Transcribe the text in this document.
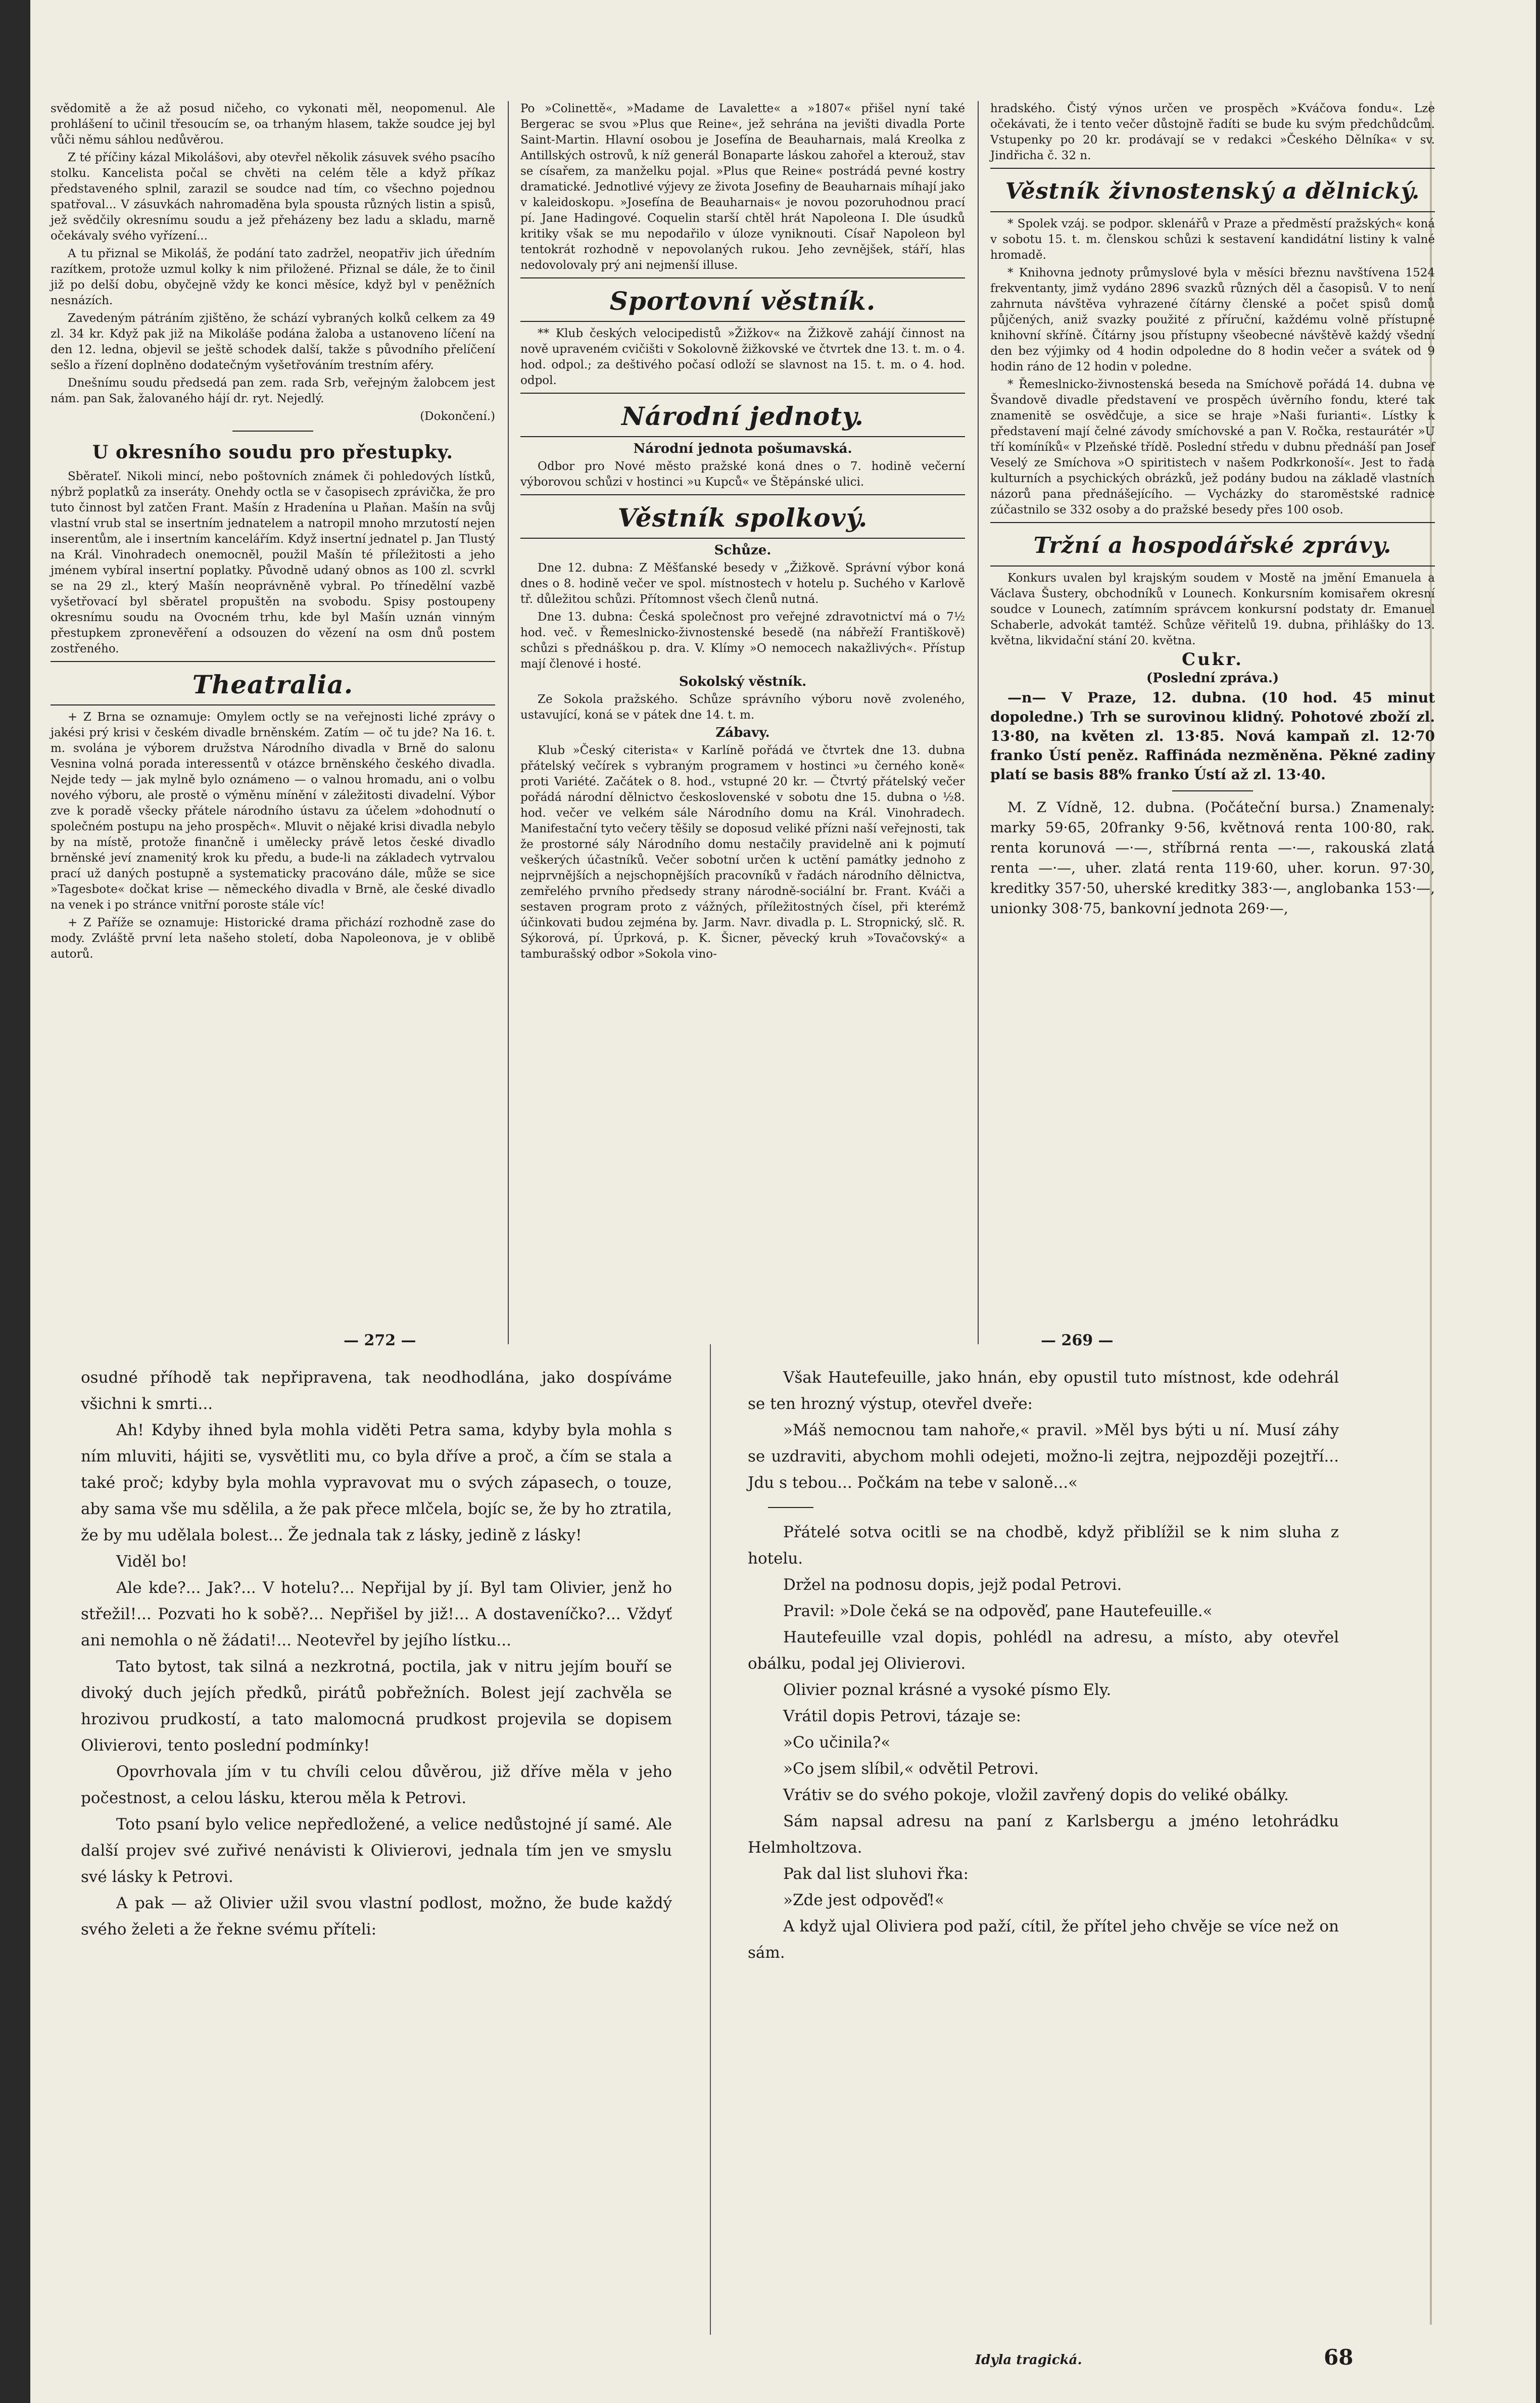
svědomitě a že až posud ničeho, co vykonati měl, neopomenul. Ale prohlášení to učinil třesoucím se, oa trhaným hlasem, takže soudce jej byl vůči němu sáhlou nedůvěrou.

Z té příčiny kázal Mikolášovi, aby otevřel několik zásuvek svého psacího stolku. Kancelista počal se chvěti na celém těle a když příkaz představeného splnil, zarazil se soudce nad tím, co všechno pojednou spatřoval... V zásuvkách nahromaděna byla spousta různých listin a spisů, jež svědčily okresnímu soudu a jež přeházeny bez ladu a skladu, marně očekávaly svého vyřízení...

A tu přiznal se Mikoláš, že podání tato zadržel, neopatřiv jich úředním razítkem, protože uzmul kolky k nim přiložené. Přiznal se dále, že to činil již po delší dobu, obyčejně vždy ke konci měsíce, když byl v peněžních nesnázích.

Zavedeným pátráním zjištěno, že schází vybraných kolků celkem za 49 zl. 34 kr. Když pak již na Mikoláše podána žaloba a ustanoveno líčení na den 12. ledna, objevil se ještě schodek další, takže s původního přelíčení sešlo a řízení doplněno dodatečným vyšetřováním trestním aféry.

Dnešnímu soudu předsedá pan zem. rada Srb, veřejným žalobcem jest nám. pan Sak, žalovaného hájí dr. ryt. Nejedlý.

(Dokončení.)
U okresního soudu pro přestupky.

Sběrateľ. Nikoli mincí, nebo poštovních známek či pohledových lístků, nýbrž poplatků za inseráty. Onehdy octla se v časopisech zprávička, že pro tuto činnost byl zatčen Frant. Mašín z Hradenína u Plaňan. Mašín na svůj vlastní vrub stal se insertním jednatelem a natropil mnoho mrzutostí nejen inserentům, ale i insertním kancelářím. Když insertní jednatel p. Jan Tlustý na Král. Vinohradech onemocněl, použil Mašín té příležitosti a jeho jménem vybíral insertní poplatky. Původně udaný obnos as 100 zl. scvrkl se na 29 zl., který Mašín neoprávněně vybral. Po třínedělní vazbě vyšetřovací byl sběratel propuštěn na svobodu. Spisy postoupeny okresnímu soudu na Ovocném trhu, kde byl Mašín uznán vinným přestupkem zpronevěření a odsouzen do vězení na osm dnů postem zostřeného.

Theatralia.

+ Z Brna se oznamuje: Omylem octly se na veřejnosti liché zprávy o jakési prý krisi v českém divadle brněnském. Zatím — oč tu jde? Na 16. t. m. svolána je výborem družstva Národního divadla v Brně do salonu Vesnina volná porada interessentů v otázce brněnského českého divadla. Nejde tedy — jak mylně bylo oznámeno — o valnou hromadu, ani o volbu nového výboru, ale prostě o výměnu mínění v záležitosti divadelní. Výbor zve k poradě všecky přátele národního ústavu za účelem »dohodnutí o společném postupu na jeho prospěch«. Mluvit o nějaké krisi divadla nebylo by na místě, protože finančně i umělecky právě letos české divadlo brněnské jeví znamenitý krok ku předu, a bude-li na základech vytrvalou prací už daných postupně a systematicky pracováno dále, může se sice »Tagesbote« dočkat krise — německého divadla v Brně, ale české divadlo na venek i po stránce vnitřní poroste stále víc!

+ Z Paříže se oznamuje: Historické drama přichází rozhodně zase do mody. Zvláště první leta našeho století, doba Napoleonova, je v oblibě autorů.

Po »Colinettě«, »Madame de Lavalette« a »1807« přišel nyní také Bergerac se svou »Plus que Reine«, jež sehrána na jevišti divadla Porte Saint-Martin. Hlavní osobou je Josefína de Beauharnais, malá Kreolka z Antillských ostrovů, k níž generál Bonaparte láskou zahořel a kterouž, stav se císařem, za manželku pojal. »Plus que Reine« postrádá pevné kostry dramatické. Jednotlivé výjevy ze života Josefiny de Beauharnais míhají jako v kaleidoskopu. »Josefína de Beauharnais« je novou pozoruhodnou prací pí. Jane Hadingové. Coquelin starší chtěl hrát Napoleona I. Dle úsudků kritiky však se mu nepodařilo v úloze vyniknouti. Císař Napoleon byl tentokrát rozhodně v nepovolaných rukou. Jeho zevnějšek, stáří, hlas nedovolovaly prý ani nejmenší illuse.

Sportovní věstník.

** Klub českých velocipedistů »Žižkov« na Žižkově zahájí činnost na nově upraveném cvičišti v Sokolovně žižkovské ve čtvrtek dne 13. t. m. o 4. hod. odpol.; za deštivého počasí odloží se slavnost na 15. t. m. o 4. hod. odpol.

Národní jednoty.
Národní jednota pošumavská.

Odbor pro Nové město pražské koná dnes o 7. hodině večerní výborovou schůzi v hostinci »u Kupců« ve Štěpánské ulici.

Věstník spolkový.
Schůze.

Dne 12. dubna: Z Měšťanské besedy v „Žižkově. Správní výbor koná dnes o 8. hodině večer ve spol. místnostech v hotelu p. Suchého v Karlově tř. důležitou schůzi. Přítomnost všech členů nutná.

Dne 13. dubna: Česká společnost pro veřejné zdravotnictví má o 7½ hod. več. v Řemeslnicko-živnostenské besedě (na nábřeží Františkově) schůzi s přednáškou p. dra. V. Klímy »O nemocech nakažlivých«. Přístup mají členové i hosté.

Sokolský věstník.

Ze Sokola pražského. Schůze správního výboru nově zvoleného, ustavující, koná se v pátek dne 14. t. m.

Zábavy.

Klub »Český citerista« v Karlíně pořádá ve čtvrtek dne 13. dubna přátelský večírek s vybraným programem v hostinci »u černého koně« proti Variété. Začátek o 8. hod., vstupné 20 kr. — Čtvrtý přátelský večer pořádá národní dělnictvo československé v sobotu dne 15. dubna o ½8. hod. večer ve velkém sále Národního domu na Král. Vinohradech. Manifestační tyto večery těšily se doposud veliké přízni naší veřejnosti, tak že prostorné sály Národního domu nestačily pravidelně ani k pojmutí veškerých účastníků. Večer sobotní určen k uctění památky jednoho z nejprvnějších a nejschopnějších pracovníků v řadách národního dělnictva, zemřelého prvního předsedy strany národně-sociální br. Frant. Kváči a sestaven program proto z vážných, příležitostných čísel, při kterémž účinkovati budou zejména by. Jarm. Navr. divadla p. L. Stropnický, slč. R. Sýkorová, pí. Úprková, p. K. Šicner, pěvecký kruh »Tovačovský« a tamburašský odbor »Sokola vino-

hradského. Čistý výnos určen ve prospěch »Kváčova fondu«. Lze očekávati, že i tento večer důstojně řadíti se bude ku svým předchůdcům. Vstupenky po 20 kr. prodávají se v redakci »Českého Dělníka« v sv. Jindřicha č. 32 n.

Věstník živnostenský a dělnický.

* Spolek vzáj. se podpor. sklenářů v Praze a předměstí pražských« koná v sobotu 15. t. m. členskou schůzi k sestavení kandidátní listiny k valné hromadě.

* Knihovna jednoty průmyslové byla v měsíci březnu navštívena 1524 frekventanty, jimž vydáno 2896 svazků různých děl a časopisů. V to není zahrnuta návštěva vyhrazené čítárny členské a počet spisů domů půjčených, aniž svazky použité z příruční, každému volně přístupné knihovní skříně. Čítárny jsou přístupny všeobecné návštěvě každý všední den bez výjimky od 4 hodin odpoledne do 8 hodin večer a svátek od 9 hodin ráno de 12 hodin v poledne.

* Řemeslnicko-živnostenská beseda na Smíchově pořádá 14. dubna ve Švandově divadle představení ve prospěch úvěrního fondu, které tak znamenitě se osvědčuje, a sice se hraje »Naši furianti«. Lístky k představení mají čelné závody smíchovské a pan V. Ročka, restaurátér »U tří komíníků« v Plzeňské třídě. Poslední středu v dubnu přednáší pan Josef Veselý ze Smíchova »O spiritistech v našem Podkrkonoší«. Jest to řada kulturních a psychických obrázků, jež podány budou na základě vlastních názorů pana přednášejícího. — Vycházky do staroměstské radnice zúčastnilo se 332 osoby a do pražské besedy přes 100 osob.

Tržní a hospodářské zprávy.

Konkurs uvalen byl krajským soudem v Mostě na jmění Emanuela a Václava Šustery, obchodníků v Lounech. Konkursním komisařem okresní soudce v Lounech, zatímním správcem konkursní podstaty dr. Emanuel Schaberle, advokát tamtéž. Schůze věřitelů 19. dubna, přihlášky do 13. května, likvidační stání 20. května.

Cukr.
(Poslední zpráva.)

—n— V Praze, 12. dubna. (10 hod. 45 minut dopoledne.) Trh se surovinou klidný. Pohotové zboží zl. 13·80, na květen zl. 13·85. Nová kampaň zl. 12·70 franko Ústí peněz. Raffináda nezměněna. Pěkné zadiny platí se basis 88% franko Ústí až zl. 13·40.

M. Z Vídně, 12. dubna. (Počáteční bursa.) Znamenaly: marky 59·65, 20franky 9·56, květnová renta 100·80, rak. renta korunová —·—, stříbrná renta —·—, rakouská zlatá renta —·—, uher. zlatá renta 119·60, uher. korun. 97·30, kreditky 357·50, uherské kreditky 383·—, anglobanka 153·—, unionky 308·75, bankovní jednota 269·—,

— 272 —	— 269 —

osudné příhodě tak nepřipravena, tak neodhodlána, jako dospíváme všichni k smrti...

Ah! Kdyby ihned byla mohla viděti Petra sama, kdyby byla mohla s ním mluviti, hájiti se, vysvětliti mu, co byla dříve a proč, a čím se stala a také proč; kdyby byla mohla vypravovat mu o svých zápasech, o touze, aby sama vše mu sdělila, a že pak přece mlčela, bojíc se, že by ho ztratila, že by mu udělala bolest... Že jednala tak z lásky, jedině z lásky!

Viděl bo!

Ale kde?... Jak?... V hotelu?... Nepřijal by jí. Byl tam Olivier, jenž ho střežil!... Pozvati ho k sobě?... Nepřišel by již!... A dostaveníčko?... Vždyť ani nemohla o ně žádati!... Neotevřel by jejího lístku...

Tato bytost, tak silná a nezkrotná, poctila, jak v nitru jejím bouří se divoký duch jejích předků, pirátů pobřežních. Bolest její zachvěla se hrozivou prudkostí, a tato malomocná prudkost projevila se dopisem Olivierovi, tento poslední podmínky!

Opovrhovala jím v tu chvíli celou důvěrou, již dříve měla v jeho počestnost, a celou lásku, kterou měla k Petrovi.

Toto psaní bylo velice nepředložené, a velice nedůstojné jí samé. Ale další projev své zuřivé nenávisti k Olivierovi, jednala tím jen ve smyslu své lásky k Petrovi.

A pak — až Olivier užil svou vlastní podlost, možno, že bude každý svého želeti a že řekne svému příteli:

Však Hautefeuille, jako hnán, eby opustil tuto místnost, kde odehrál se ten hrozný výstup, otevřel dveře:

»Máš nemocnou tam nahoře,« pravil. »Měl bys býti u ní. Musí záhy se uzdraviti, abychom mohli odejeti, možno-li zejtra, nejpozději pozejtří... Jdu s tebou... Počkám na tebe v saloně...«

Přátelé sotva ocitli se na chodbě, když přiblížil se k nim sluha z hotelu.

Držel na podnosu dopis, jejž podal Petrovi.

Pravil: »Dole čeká se na odpověď, pane Hautefeuille.«

Hautefeuille vzal dopis, pohlédl na adresu, a místo, aby otevřel obálku, podal jej Olivierovi.

Olivier poznal krásné a vysoké písmo Ely.

Vrátil dopis Petrovi, tázaje se:

»Co učinila?«

»Co jsem slíbil,« odvětil Petrovi.

Vrátiv se do svého pokoje, vložil zavřený dopis do veliké obálky.

Sám napsal adresu na paní z Karlsbergu a jméno letohrádku Helmholtzova.

Pak dal list sluhovi řka:

»Zde jest odpověď!«

A když ujal Oliviera pod paží, cítil, že přítel jeho chvěje se více než on sám.

Idyla tragická.	68
